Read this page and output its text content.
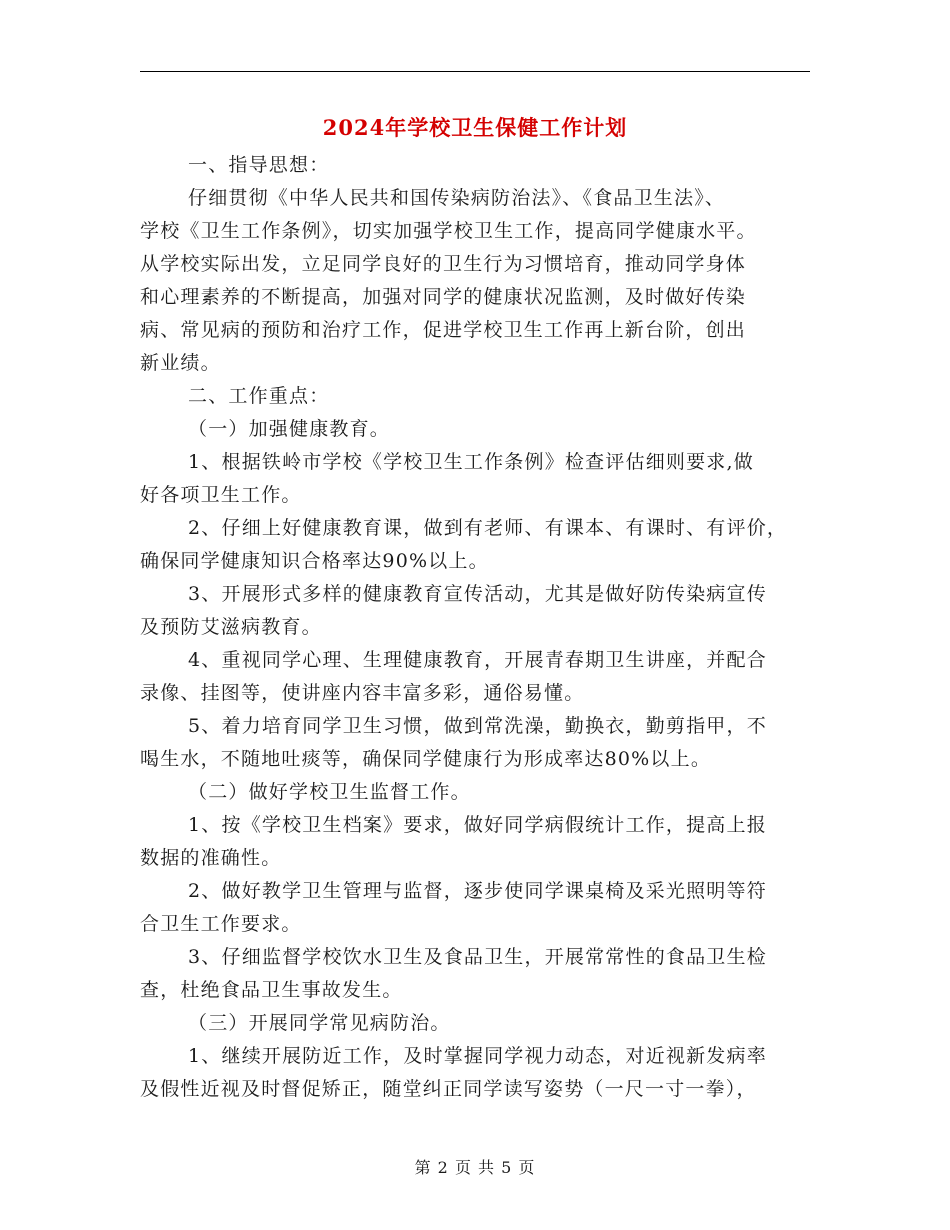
2024年学校卫生保健工作计划
一、指导思想：
仔细贯彻《中华人民共和国传染病防治法》、《食品卫生法》、
学校《卫生工作条例》，切实加强学校卫生工作，提高同学健康水平。
从学校实际出发，立足同学良好的卫生行为习惯培育，推动同学身体
和心理素养的不断提高，加强对同学的健康状况监测，及时做好传染
病、常见病的预防和治疗工作，促进学校卫生工作再上新台阶，创出
新业绩。
二、工作重点：
（一）加强健康教育。
1、根据铁岭市学校《学校卫生工作条例》检查评估细则要求,做
好各项卫生工作。
2、仔细上好健康教育课，做到有老师、有课本、有课时、有评价，
确保同学健康知识合格率达90%以上。
3、开展形式多样的健康教育宣传活动，尤其是做好防传染病宣传
及预防艾滋病教育。
4、重视同学心理、生理健康教育，开展青春期卫生讲座，并配合
录像、挂图等，使讲座内容丰富多彩，通俗易懂。
5、着力培育同学卫生习惯，做到常洗澡，勤换衣，勤剪指甲，不
喝生水，不随地吐痰等，确保同学健康行为形成率达80%以上。
（二）做好学校卫生监督工作。
1、按《学校卫生档案》要求，做好同学病假统计工作，提高上报
数据的准确性。
2、做好教学卫生管理与监督，逐步使同学课桌椅及采光照明等符
合卫生工作要求。
3、仔细监督学校饮水卫生及食品卫生，开展常常性的食品卫生检
查，杜绝食品卫生事故发生。
（三）开展同学常见病防治。
1、继续开展防近工作，及时掌握同学视力动态，对近视新发病率
及假性近视及时督促矫正，随堂纠正同学读写姿势（一尺一寸一拳），
第 2 页 共 5 页
